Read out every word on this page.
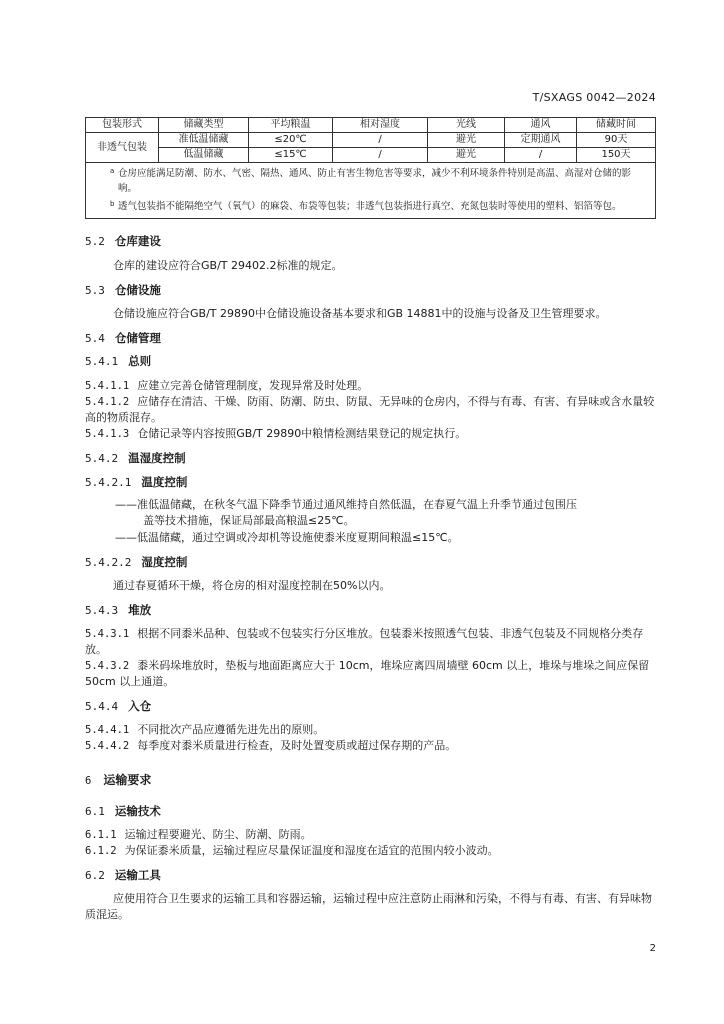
T/SXAGS 0042—2024
包装形式	储藏类型	平均粮温	相对湿度	光线	通风	储藏时间
非透气包装	准低温储藏	≤20℃	/	避光	定期通风	90天
	低温储藏	≤15℃	/	避光	/	150天

a 仓房应能满足防潮、防水、气密、隔热、通风、防止有害生物危害等要求，减少不利环境条件特别是高温、高湿对仓储的影响。
b 透气包装指不能隔绝空气（氧气）的麻袋、布袋等包装；非透气包装指进行真空、充氮包装时等使用的塑料、铝箔等包。						
5.2 仓库建设
仓库的建设应符合GB/T 29402.2标准的规定。
5.3 仓储设施
仓储设施应符合GB/T 29890中仓储设施设备基本要求和GB 14881中的设施与设备及卫生管理要求。
5.4 仓储管理
5.4.1 总则
5.4.1.1 应建立完善仓储管理制度，发现异常及时处理。
5.4.1.2 应储存在清洁、干燥、防雨、防潮、防虫、防鼠、无异味的仓房内，不得与有毒、有害、有异味或含水量较高的物质混存。
5.4.1.3 仓储记录等内容按照GB/T 29890中粮情检测结果登记的规定执行。
5.4.2 温湿度控制
5.4.2.1 温度控制
——准低温储藏，在秋冬气温下降季节通过通风维持自然低温，在春夏气温上升季节通过包围压
盖等技术措施，保证局部最高粮温≤25℃。
——低温储藏，通过空调或冷却机等设施使黍米度夏期间粮温≤15℃。
5.4.2.2 湿度控制
通过春夏循环干燥，将仓房的相对湿度控制在50%以内。
5.4.3 堆放
5.4.3.1 根据不同黍米品种、包装或不包装实行分区堆放。包装黍米按照透气包装、非透气包装及不同规格分类存放。
5.4.3.2 黍米码垛堆放时，垫板与地面距离应大于 10cm，堆垛应离四周墙壁 60cm 以上，堆垛与堆垛之间应保留 50cm 以上通道。
5.4.4 入仓
5.4.4.1 不同批次产品应遵循先进先出的原则。
5.4.4.2 每季度对黍米质量进行检查，及时处置变质或超过保存期的产品。
6 运输要求
6.1 运输技术
6.1.1 运输过程要避光、防尘、防潮、防雨。
6.1.2 为保证黍米质量，运输过程应尽量保证温度和湿度在适宜的范围内较小波动。
6.2 运输工具
应使用符合卫生要求的运输工具和容器运输，运输过程中应注意防止雨淋和污染，不得与有毒、有害、有异味物质混运。
2
